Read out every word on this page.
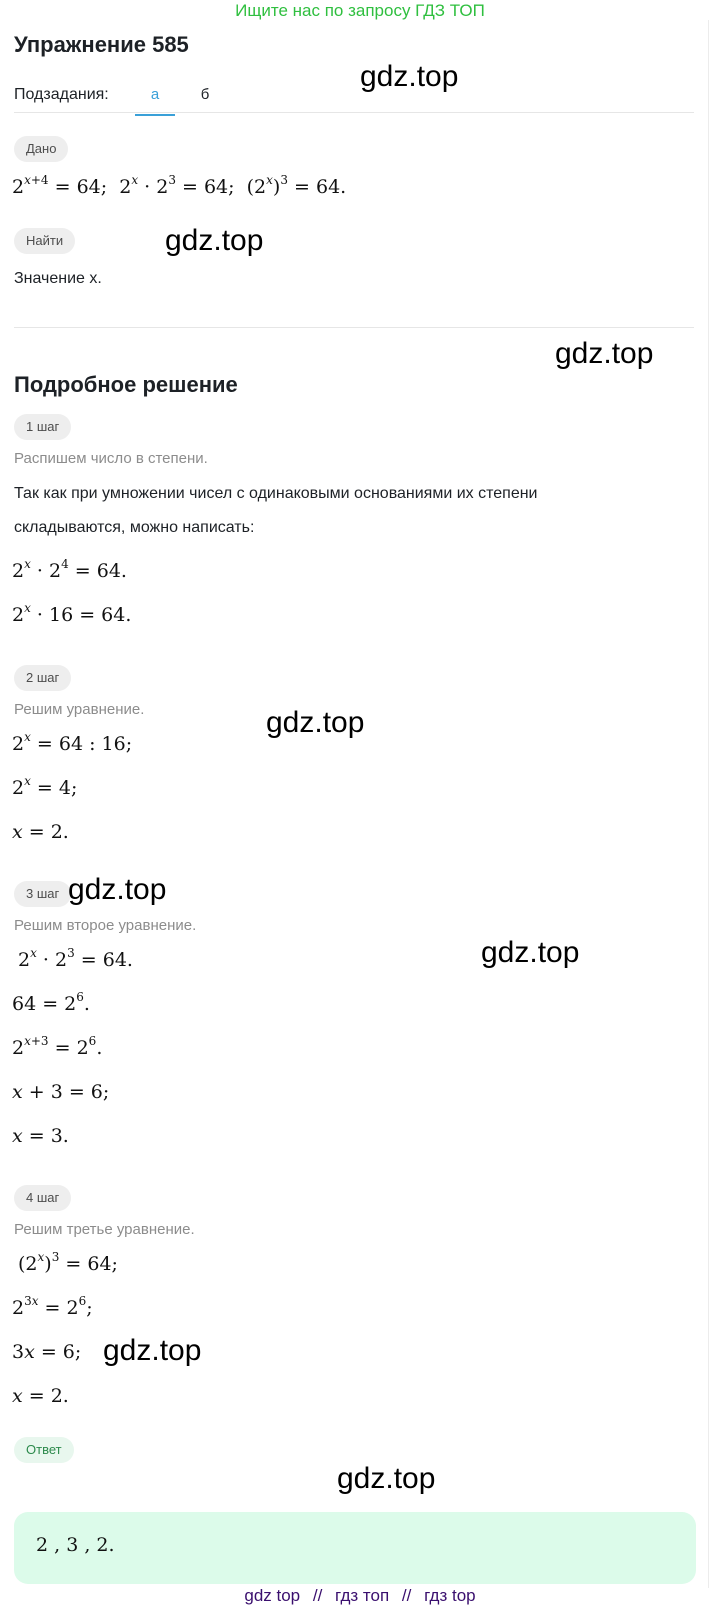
Ищите нас по запросу ГДЗ ТОП
Упражнение 585
Подзадания:	а	б
Дано
$2^{x+4} = 64$;  $2^x \cdot 2^3 = 64$;  $(2^x)^3 = 64$.
Найти
Значение x.
Подробное решение
1 шаг
Распишем число в степени.
Так как при умножении чисел с одинаковыми основаниями их степени
складываются, можно написать:
$2^x \cdot 2^4 = 64$.
$2^x \cdot 16 = 64$.
2 шаг
Решим уравнение.
$2^x = 64$ : 16;
$2^x = 4$;
x = 2.
3 шаг
Решим второе уравнение.
$2^x \cdot 2^3 = 64$.
$64 = 2^6$.
$2^{x+3} = 2^6$.
x + 3 = 6;
x = 3.
4 шаг
Решим третье уравнение.
$(2^x)^3 = 64$;
$2^{3x} = 2^6$;
3x = 6;
x = 2.
Ответ
2 , 3 , 2.
gdz.top
gdz.top
gdz.top
gdz.top
gdz.top
gdz.top
gdz.top
gdz.top
gdz top // гдз топ // гдз top
